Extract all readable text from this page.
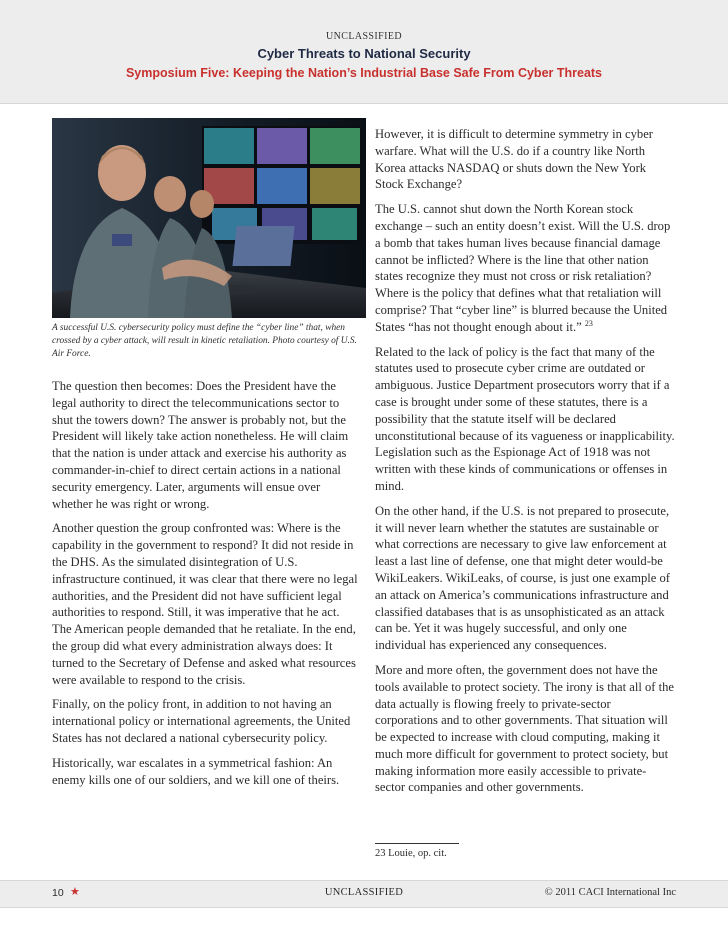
UNCLASSIFIED
Cyber Threats to National Security
Symposium Five: Keeping the Nation’s Industrial Base Safe From Cyber Threats
A successful U.S. cybersecurity policy must define the “cyber line” that, when crossed by a cyber attack, will result in kinetic retaliation. Photo courtesy of U.S. Air Force.

The question then becomes: Does the President have the legal authority to direct the telecommunications sector to shut the towers down? The answer is probably not, but the President will likely take action nonetheless. He will claim that the nation is under attack and exercise his authority as commander-in-chief to direct certain actions in a national security emergency. Later, arguments will ensue over whether he was right or wrong.

Another question the group confronted was: Where is the capability in the government to respond? It did not reside in the DHS. As the simulated disintegration of U.S. infrastructure continued, it was clear that there were no legal authorities, and the President did not have sufficient legal authorities to respond. Still, it was imperative that he act. The American people demanded that he retaliate. In the end, the group did what every administration always does: It turned to the Secretary of Defense and asked what resources were available to respond to the crisis.

Finally, on the policy front, in addition to not having an international policy or international agreements, the United States has not declared a national cybersecurity policy.

Historically, war escalates in a symmetrical fashion: An enemy kills one of our soldiers, and we kill one of theirs.

However, it is difficult to determine symmetry in cyber warfare. What will the U.S. do if a country like North Korea attacks NASDAQ or shuts down the New York Stock Exchange?

The U.S. cannot shut down the North Korean stock exchange – such an entity doesn’t exist. Will the U.S. drop a bomb that takes human lives because financial damage cannot be inflicted? Where is the line that other nation states recognize they must not cross or risk retaliation? Where is the policy that defines what that retaliation will comprise? That “cyber line” is blurred because the United States “has not thought enough about it.” $^{23}$

Related to the lack of policy is the fact that many of the statutes used to prosecute cyber crime are outdated or ambiguous. Justice Department prosecutors worry that if a case is brought under some of these statutes, there is a possibility that the statute itself will be declared unconstitutional because of its vagueness or inapplicability. Legislation such as the Espionage Act of 1918 was not written with these kinds of communications or offenses in mind.

On the other hand, if the U.S. is not prepared to prosecute, it will never learn whether the statutes are sustainable or what corrections are necessary to give law enforcement at least a last line of defense, one that might deter would-be WikiLeakers. WikiLeaks, of course, is just one example of an attack on America’s communications infrastructure and classified databases that is as unsophisticated as an attack can be. Yet it was hugely successful, and only one individual has experienced any consequences.

More and more often, the government does not have the tools available to protect society. The irony is that all of the data actually is flowing freely to private-sector corporations and to other governments. That situation will be expected to increase with cloud computing, making it much more difficult for government to protect society, but making information more easily accessible to private-sector companies and other governments.

23 Louie, op. cit.
10 ★	UNCLASSIFIED	© 2011 CACI International Inc
